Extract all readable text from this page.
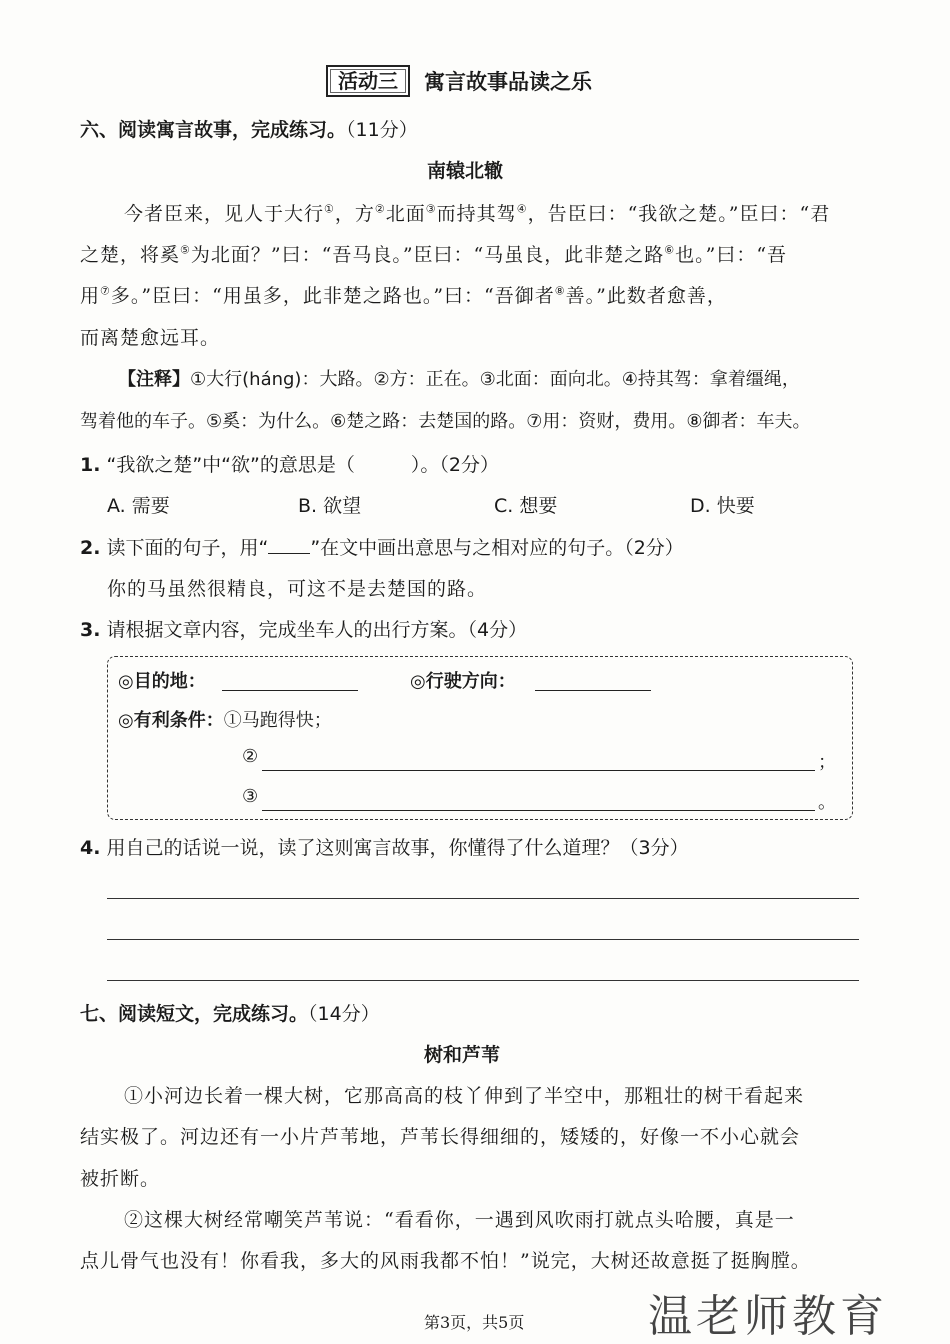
活动三	寓言故事品读之乐
六、阅读寓言故事，完成练习。（11分）
南辕北辙
今者臣来，见人于大行①，方②北面③而持其驾④，告臣曰：“我欲之楚。”臣曰：“君
之楚，将奚⑤为北面？”曰：“吾马良。”臣曰：“马虽良，此非楚之路⑥也。”曰：“吾
用⑦多。”臣曰：“用虽多，此非楚之路也。”曰：“吾御者⑧善。”此数者愈善，
而离楚愈远耳。
【注释】①大行(háng)：大路。②方：正在。③北面：面向北。④持其驾：拿着缰绳，
驾着他的车子。⑤奚：为什么。⑥楚之路：去楚国的路。⑦用：资财，费用。⑧御者：车夫。
1. “我欲之楚”中“欲”的意思是（	）。（2分）
A. 需要	B. 欲望	C. 想要	D. 快要
2. 读下面的句子，用“ ”在文中画出意思与之相对应的句子。（2分）
你的马虽然很精良，可这不是去楚国的路。
3. 请根据文章内容，完成坐车人的出行方案。（4分）
◎目的地：	◎行驶方向：
◎有利条件：①马跑得快；
②	；
③	。
4. 用自己的话说一说，读了这则寓言故事，你懂得了什么道理？（3分）
七、阅读短文，完成练习。（14分）
树和芦苇
①小河边长着一棵大树，它那高高的枝丫伸到了半空中，那粗壮的树干看起来
结实极了。河边还有一小片芦苇地，芦苇长得细细的，矮矮的，好像一不小心就会
被折断。
②这棵大树经常嘲笑芦苇说：“看看你，一遇到风吹雨打就点头哈腰，真是一
点儿骨气也没有！你看我，多大的风雨我都不怕！”说完，大树还故意挺了挺胸膛。
第3页，共5页	温老师教育
